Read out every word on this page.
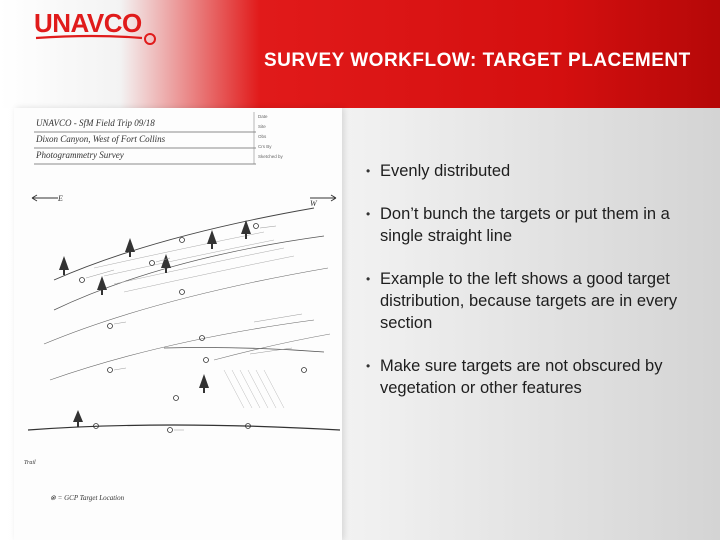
UNAVCO
SURVEY WORKFLOW: TARGET PLACEMENT
UNAVCO - SfM Field Trip 09/18
Dixon Canyon, West of Fort Collins
Photogrammetry Survey
Date
Site
Obs
Crs By
Sketched by
E
W
Trail
⊗ = GCP Target Location
• Evenly distributed
• Don’t bunch the targets or put them in a single straight line
• Example to the left shows a good target distribution, because targets are in every section
• Make sure targets are not obscured by vegetation or other features
